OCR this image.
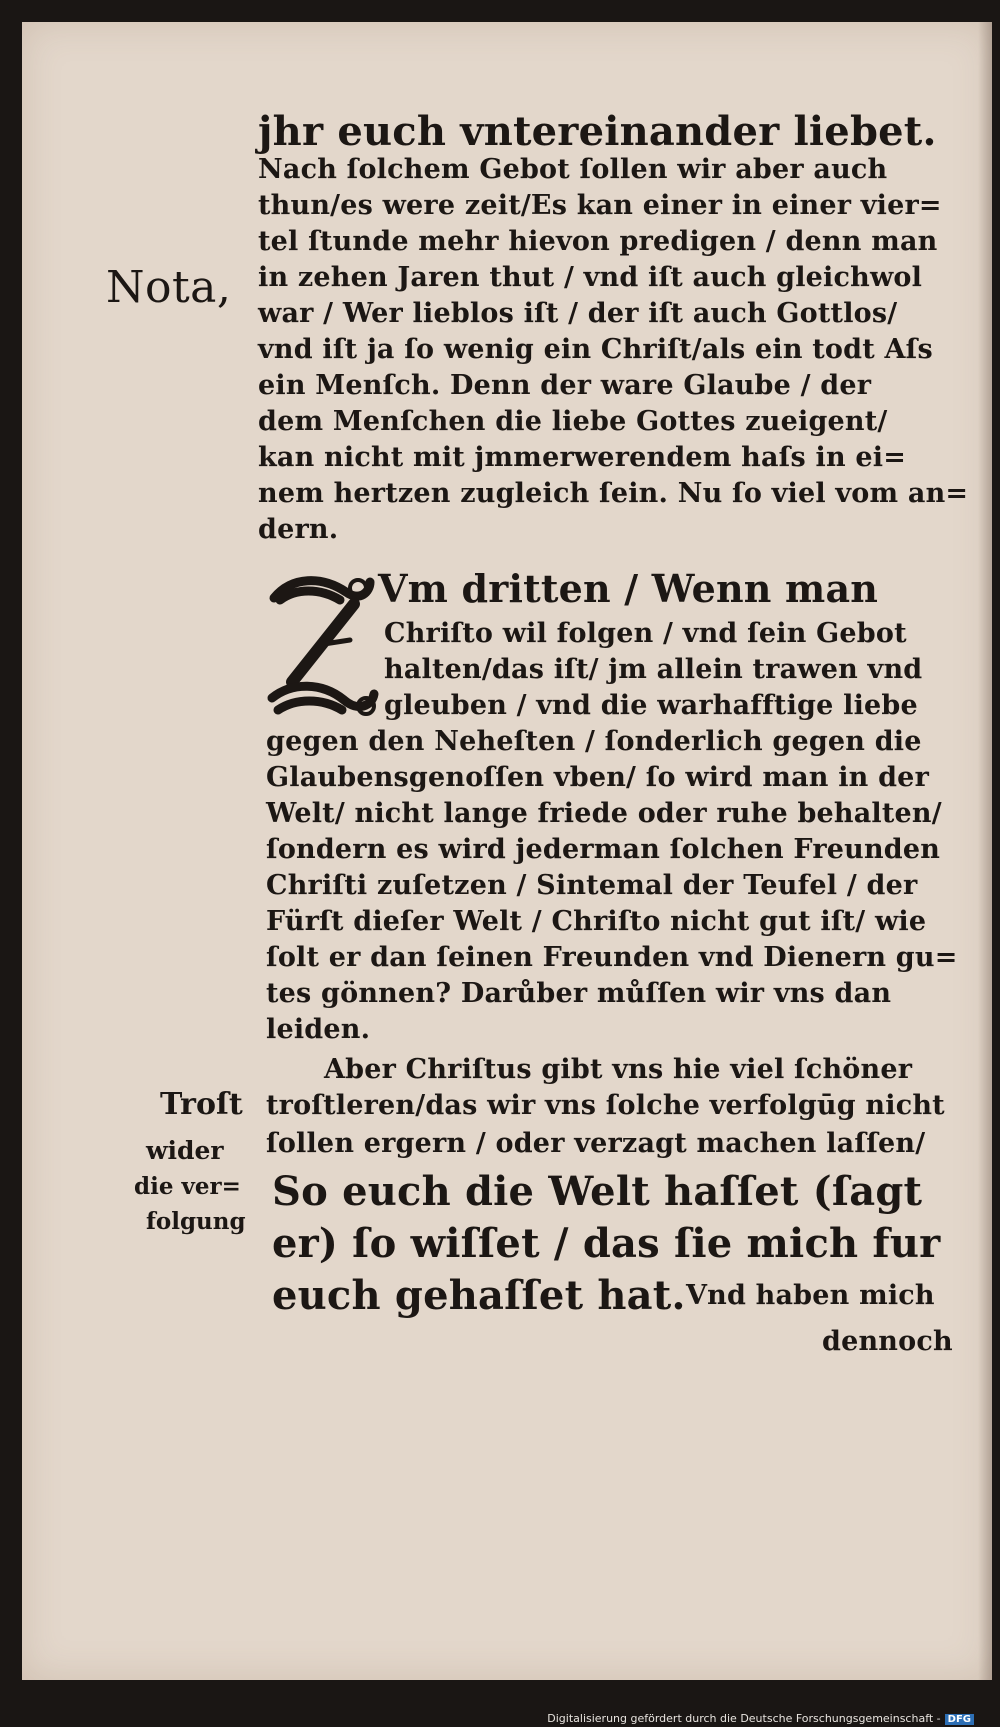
Nota,
Troſt
wider
die ver=
folgung
jhr euch vntereinander liebet.
Nach ſolchem Gebot ſollen wir aber auch
thun/es were zeit/Es kan einer in einer vier=
tel ſtunde mehr hievon predigen / denn man
in zehen Jaren thut / vnd iſt auch gleichwol
war / Wer lieblos iſt / der iſt auch Gottlos/
vnd iſt ja ſo wenig ein Chriſt/als ein todt Aſs
ein Menſch. Denn der ware Glaube / der
dem Menſchen die liebe Gottes zueigent/
kan nicht mit jmmerwerendem haſs in ei=
nem hertzen zugleich ſein. Nu ſo viel vom an=
dern.
Vm dritten / Wenn man
Chriſto wil folgen / vnd ſein Gebot
halten/das iſt/ jm allein trawen vnd
gleuben / vnd die warhafftige liebe
gegen den Neheſten / ſonderlich gegen die
Glaubensgenoſſen vben/ ſo wird man in der
Welt/ nicht lange friede oder ruhe behalten/
ſondern es wird jederman ſolchen Freunden
Chriſti zuſetzen / Sintemal der Teufel / der
Fürſt dieſer Welt / Chriſto nicht gut iſt/ wie
ſolt er dan ſeinen Freunden vnd Dienern gu=
tes gönnen? Darůber můſſen wir vns dan
leiden.
Aber Chriſtus gibt vns hie viel ſchöner
troſtleren/das wir vns ſolche verfolgūg nicht
ſollen ergern / oder verzagt machen laſſen/
So euch die Welt haſſet (ſagt
er) ſo wiſſet / das ſie mich fur
euch gehaſſet hat. Vnd haben mich
dennoch
Digitalisierung gefördert durch die Deutsche Forschungsgemeinschaft - DFG
